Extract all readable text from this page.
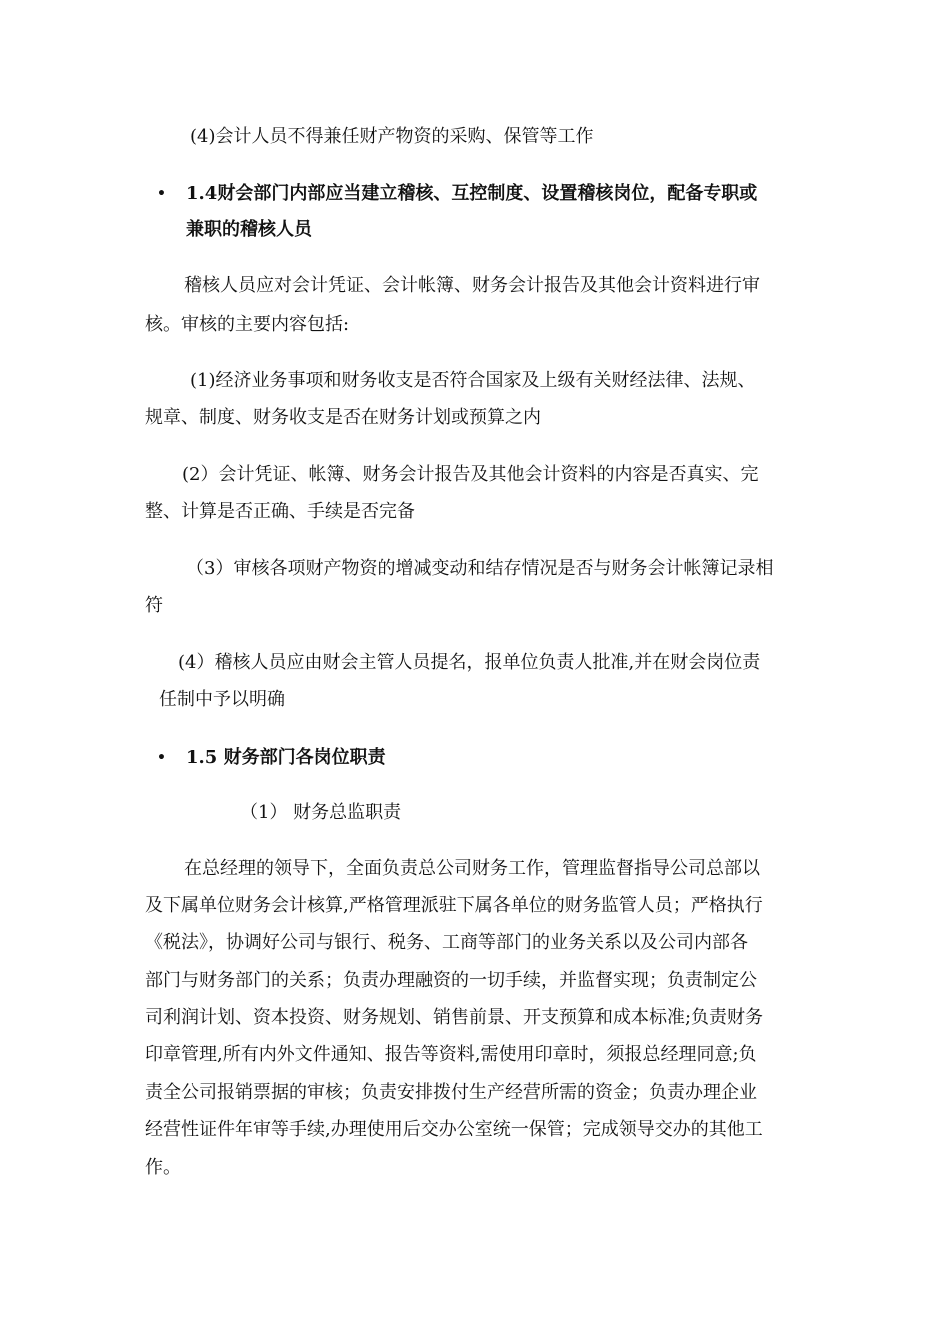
(4)会计人员不得兼任财产物资的采购、保管等工作
• 1.4财会部门内部应当建立稽核、互控制度、设置稽核岗位，配备专职或
兼职的稽核人员
稽核人员应对会计凭证、会计帐簿、财务会计报告及其他会计资料进行审
核。审核的主要内容包括:
(1)经济业务事项和财务收支是否符合国家及上级有关财经法律、法规、
规章、制度、财务收支是否在财务计划或预算之内
(2）会计凭证、帐簿、财务会计报告及其他会计资料的内容是否真实、完
整、计算是否正确、手续是否完备
（3）审核各项财产物资的增减变动和结存情况是否与财务会计帐簿记录相
符
(4）稽核人员应由财会主管人员提名，报单位负责人批准,并在财会岗位责
任制中予以明确
• 1.5 财务部门各岗位职责
（1） 财务总监职责
在总经理的领导下，全面负责总公司财务工作，管理监督指导公司总部以
及下属单位财务会计核算,严格管理派驻下属各单位的财务监管人员；严格执行
《税法》，协调好公司与银行、税务、工商等部门的业务关系以及公司内部各
部门与财务部门的关系；负责办理融资的一切手续，并监督实现；负责制定公
司利润计划、资本投资、财务规划、销售前景、开支预算和成本标准;负责财务
印章管理,所有内外文件通知、报告等资料,需使用印章时，须报总经理同意;负
责全公司报销票据的审核；负责安排拨付生产经营所需的资金；负责办理企业
经营性证件年审等手续,办理使用后交办公室统一保管；完成领导交办的其他工
作。
